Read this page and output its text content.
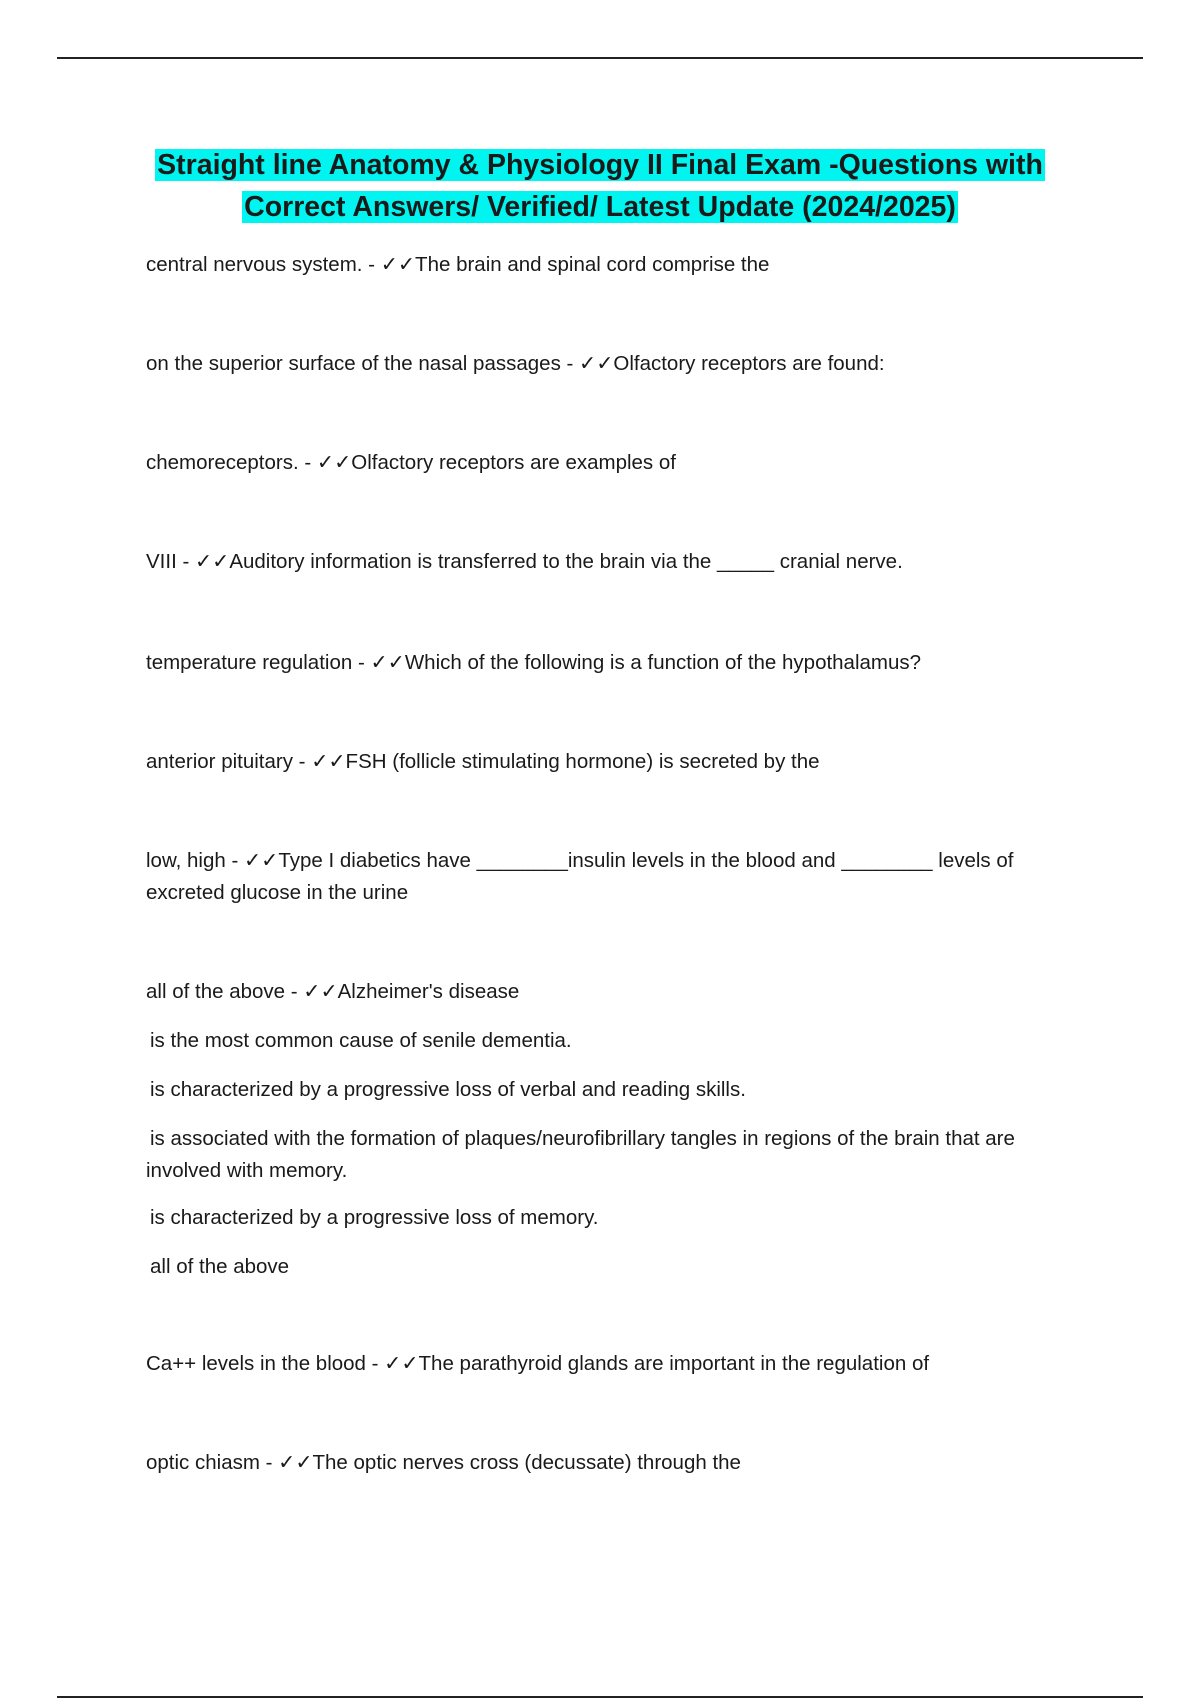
Straight line Anatomy & Physiology II Final Exam -Questions with
Correct Answers/ Verified/ Latest Update (2024/2025)
central nervous system. - ✓✓The brain and spinal cord comprise the
on the superior surface of the nasal passages - ✓✓Olfactory receptors are found:
chemoreceptors. - ✓✓Olfactory receptors are examples of
VIII - ✓✓Auditory information is transferred to the brain via the _____ cranial nerve.
temperature regulation - ✓✓Which of the following is a function of the hypothalamus?
anterior pituitary - ✓✓FSH (follicle stimulating hormone) is secreted by the
low, high - ✓✓Type I diabetics have ________insulin levels in the blood and ________ levels of excreted glucose in the urine
all of the above - ✓✓Alzheimer's disease
is the most common cause of senile dementia.
is characterized by a progressive loss of verbal and reading skills.
is associated with the formation of plaques/neurofibrillary tangles in regions of the brain that are involved with memory.
is characterized by a progressive loss of memory.
all of the above
Ca++ levels in the blood - ✓✓The parathyroid glands are important in the regulation of
optic chiasm - ✓✓The optic nerves cross (decussate) through the
